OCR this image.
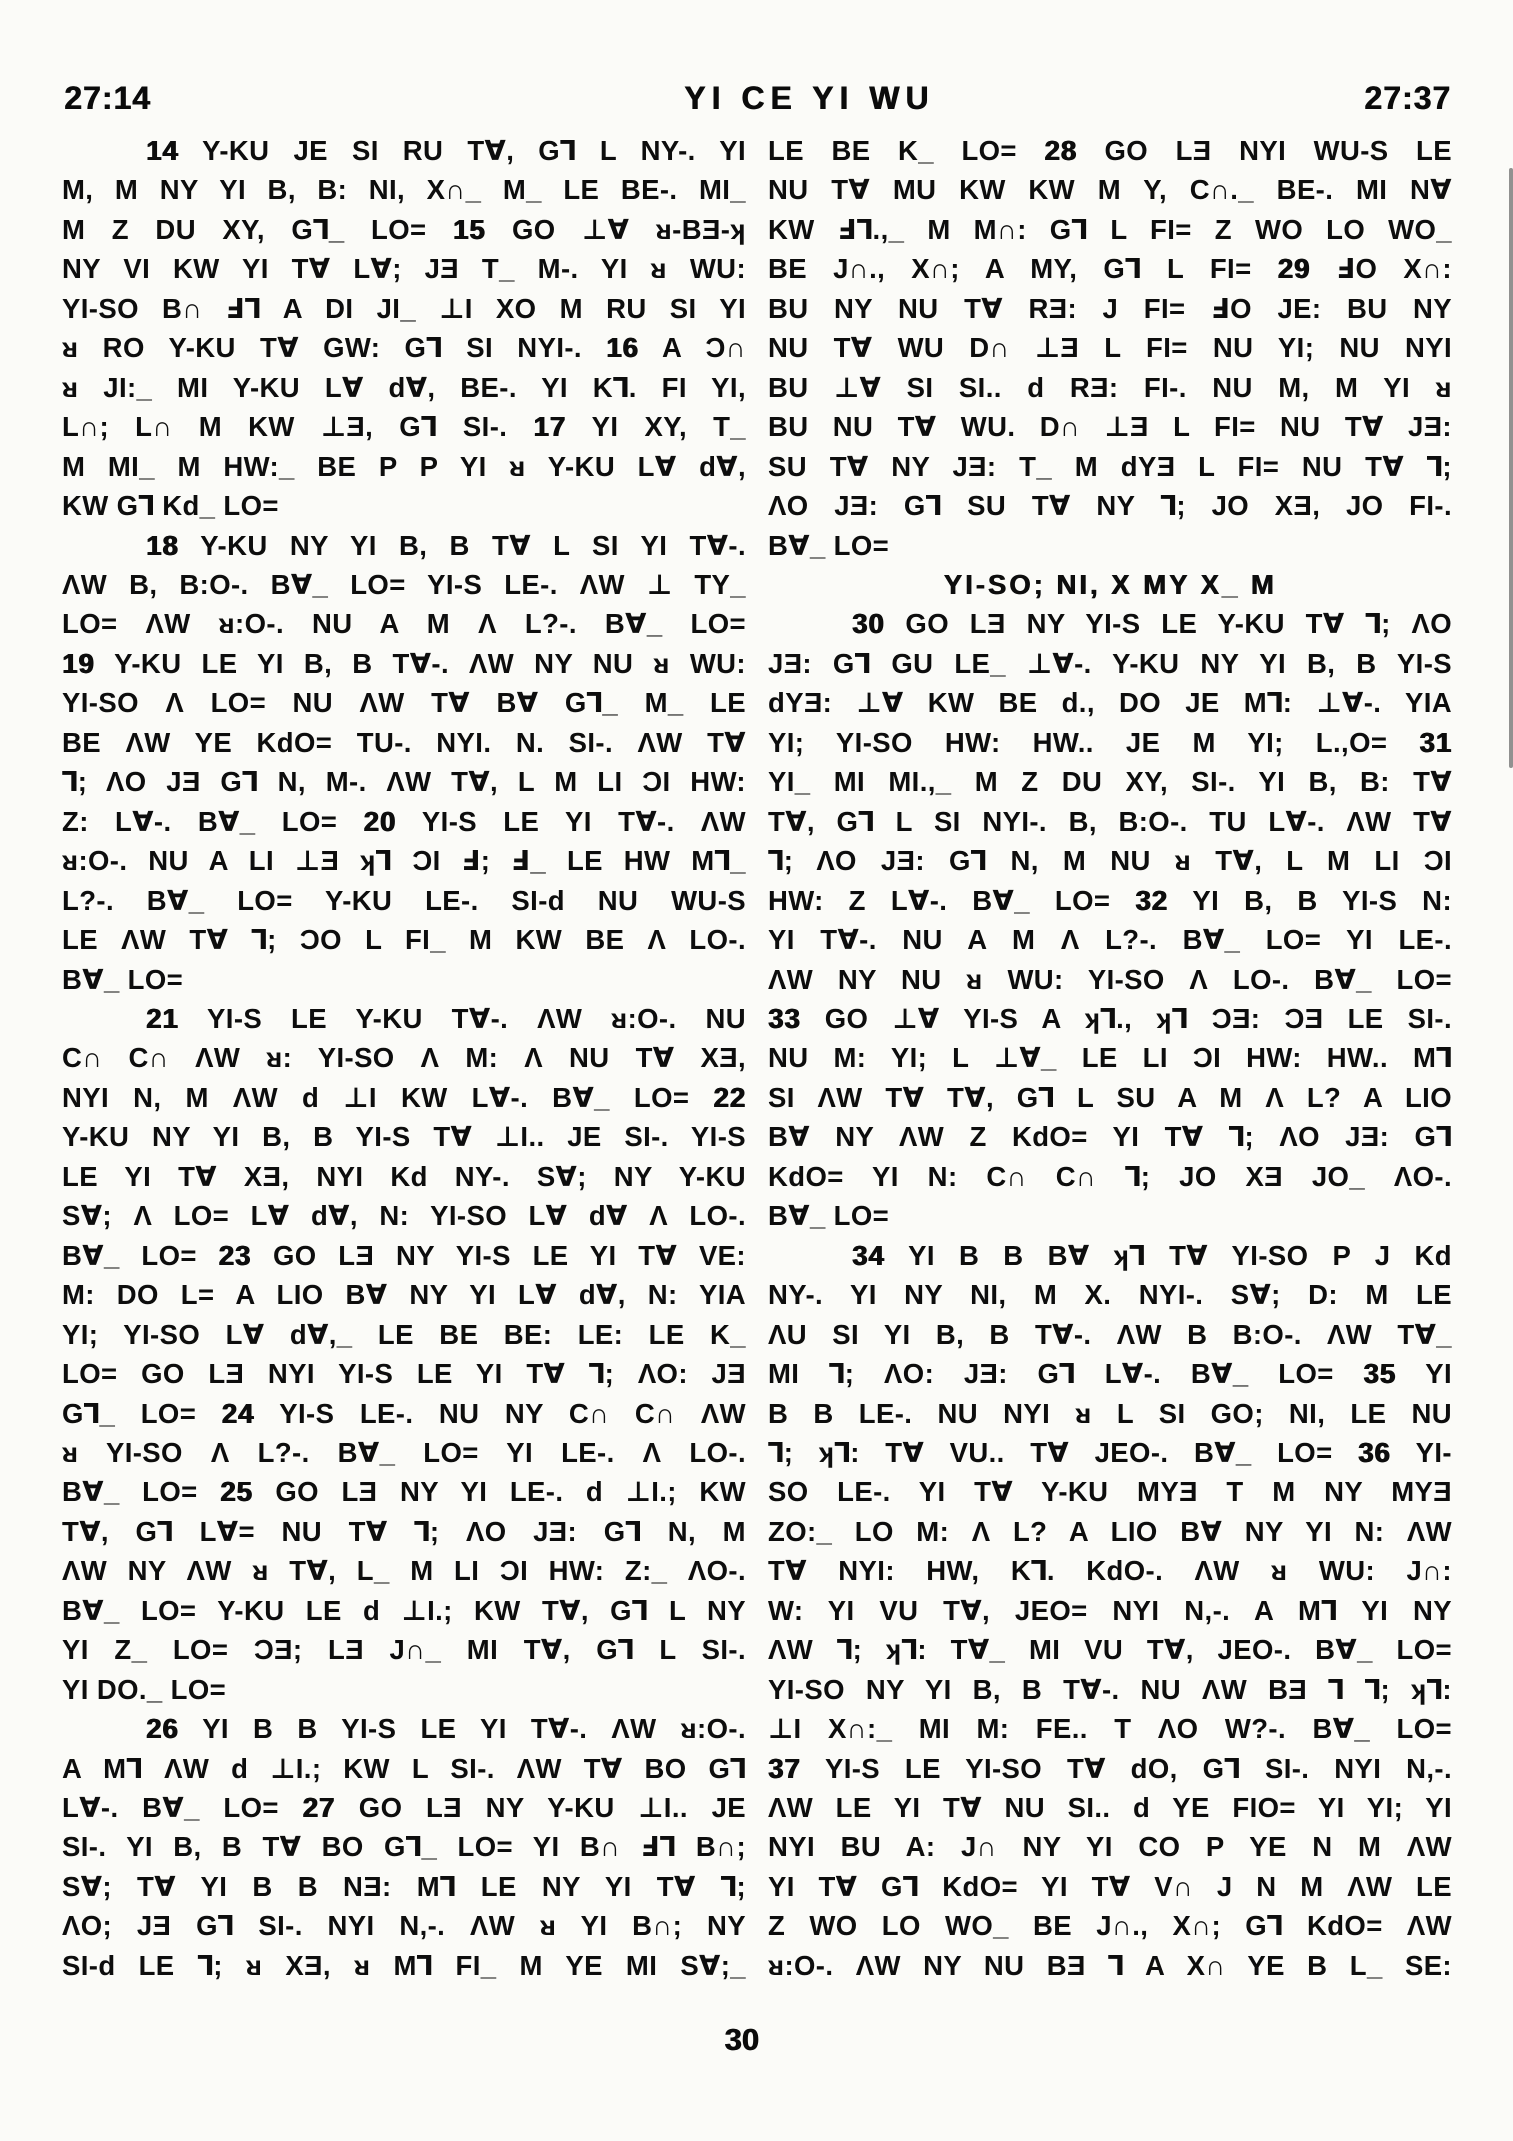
27:14	YI CE YI WU	27:37
14 Y-KU JE SI RU T∀, G⅂ L NY-. YI
M, M NY YI B, B: NI, X∩_ M_ LE BE-. MI_
M Z DU XY, G⅂_ LO= 15 GO ⊥∀ ᴚ-BƎ-ʞ
NY VI KW YI T∀ L∀; JƎ T_ M-. YI ᴚ WU:
YI-SO B∩ Ⅎ⅂ A DI JI_ ⊥I XO M RU SI YI
ᴚ RO Y-KU T∀ GW: G⅂ SI NYI-. 16 A Ɔ∩
ᴚ JI:_ MI Y-KU L∀ d∀, BE-. YI K⅂. FI YI,
L∩; L∩ M KW ⊥Ǝ, G⅂ SI-. 17 YI XY, T_
M MI_ M HW:_ BE P P YI ᴚ Y-KU L∀ d∀,
KW G⅂ Kd_ LO=
18 Y-KU NY YI B, B T∀ L SI YI T∀-.
ΛW B, B:O-. B∀_ LO= YI-S LE-. ΛW ⊥ TY_
LO= ΛW ᴚ:O-. NU A M Λ L?-. B∀_ LO=
19 Y-KU LE YI B, B T∀-. ΛW NY NU ᴚ WU:
YI-SO Λ LO= NU ΛW T∀ B∀ G⅂_ M_ LE
BE ΛW YE KdO= TU-. NYI. N. SI-. ΛW T∀
⅂; ΛO JƎ G⅂ N, M-. ΛW T∀, L M LI ƆI HW:
Z: L∀-. B∀_ LO= 20 YI-S LE YI T∀-. ΛW
ᴚ:O-. NU A LI ⊥Ǝ ʞ⅂ ƆI Ⅎ; Ⅎ_ LE HW M⅂_
L?-. B∀_ LO= Y-KU LE-. SI-d NU WU-S
LE ΛW T∀ ⅂; ƆO L FI_ M KW BE Λ LO-.
B∀_ LO=
21 YI-S LE Y-KU T∀-. ΛW ᴚ:O-. NU
C∩ C∩ ΛW ᴚ: YI-SO Λ M: Λ NU T∀ XƎ,
NYI N, M ΛW d ⊥I KW L∀-. B∀_ LO= 22
Y-KU NY YI B, B YI-S T∀ ⊥I.. JE SI-. YI-S
LE YI T∀ XƎ, NYI Kd NY-. S∀; NY Y-KU
S∀; Λ LO= L∀ d∀, N: YI-SO L∀ d∀ Λ LO-.
B∀_ LO= 23 GO LƎ NY YI-S LE YI T∀ VE:
M: DO L= A LIO B∀ NY YI L∀ d∀, N: YIA
YI; YI-SO L∀ d∀,_ LE BE BE: LE: LE K_
LO= GO LƎ NYI YI-S LE YI T∀ ⅂; ΛO: JƎ
G⅂_ LO= 24 YI-S LE-. NU NY C∩ C∩ ΛW
ᴚ YI-SO Λ L?-. B∀_ LO= YI LE-. Λ LO-.
B∀_ LO= 25 GO LƎ NY YI LE-. d ⊥I.; KW
T∀, G⅂ L∀= NU T∀ ⅂; ΛO JƎ: G⅂ N, M
ΛW NY ΛW ᴚ T∀, L_ M LI ƆI HW: Z:_ ΛO-.
B∀_ LO= Y-KU LE d ⊥I.; KW T∀, G⅂ L NY
YI Z_ LO= ƆƎ; LƎ J∩_ MI T∀, G⅂ L SI-.
YI DO._ LO=
26 YI B B YI-S LE YI T∀-. ΛW ᴚ:O-.
A M⅂ ΛW d ⊥I.; KW L SI-. ΛW T∀ BO G⅂
L∀-. B∀_ LO= 27 GO LƎ NY Y-KU ⊥I.. JE
SI-. YI B, B T∀ BO G⅂_ LO= YI B∩ Ⅎ⅂ B∩;
S∀; T∀ YI B B NƎ: M⅂ LE NY YI T∀ ⅂;
ΛO; JƎ G⅂ SI-. NYI N,-. ΛW ᴚ YI B∩; NY
SI-d LE ⅂; ᴚ XƎ, ᴚ M⅂ FI_ M YE MI S∀;_
LE BE K_ LO= 28 GO LƎ NYI WU-S LE
NU T∀ MU KW KW M Y, C∩._ BE-. MI N∀
KW Ⅎ⅂.,_ M M∩: G⅂ L FI= Z WO LO WO_
BE J∩., X∩; A MY, G⅂ L FI= 29 ℲO X∩:
BU NY NU T∀ RƎ: J FI= ℲO JE: BU NY
NU T∀ WU D∩ ⊥Ǝ L FI= NU YI; NU NYI
BU ⊥∀ SI SI.. d RƎ: FI-. NU M, M YI ᴚ
BU NU T∀ WU. D∩ ⊥Ǝ L FI= NU T∀ JƎ:
SU T∀ NY JƎ: T_ M dYƎ L FI= NU T∀ ⅂;
ΛO JƎ: G⅂ SU T∀ NY ⅂; JO XƎ, JO FI-.
B∀_ LO=
YI-SO; NI, X MY X_ M
30 GO LƎ NY YI-S LE Y-KU T∀ ⅂; ΛO
JƎ: G⅂ GU LE_ ⊥∀-. Y-KU NY YI B, B YI-S
dYƎ: ⊥∀ KW BE d., DO JE M⅂: ⊥∀-. YIA
YI; YI-SO HW: HW.. JE M YI; L.,O= 31
YI_ MI MI.,_ M Z DU XY, SI-. YI B, B: T∀
T∀, G⅂ L SI NYI-. B, B:O-. TU L∀-. ΛW T∀
⅂; ΛO JƎ: G⅂ N, M NU ᴚ T∀, L M LI ƆI
HW: Z L∀-. B∀_ LO= 32 YI B, B YI-S N:
YI T∀-. NU A M Λ L?-. B∀_ LO= YI LE-.
ΛW NY NU ᴚ WU: YI-SO Λ LO-. B∀_ LO=
33 GO ⊥∀ YI-S A ʞ⅂., ʞ⅂ ƆƎ: ƆƎ LE SI-.
NU M: YI; L ⊥∀_ LE LI ƆI HW: HW.. M⅂
SI ΛW T∀ T∀, G⅂ L SU A M Λ L? A LIO
B∀ NY ΛW Z KdO= YI T∀ ⅂; ΛO JƎ: G⅂
KdO= YI N: C∩ C∩ ⅂; JO XƎ JO_ ΛO-.
B∀_ LO=
34 YI B B B∀ ʞ⅂ T∀ YI-SO P J Kd
NY-. YI NY NI, M X. NYI-. S∀; D: M LE
ΛU SI YI B, B T∀-. ΛW B B:O-. ΛW T∀_
MI ⅂; ΛO: JƎ: G⅂ L∀-. B∀_ LO= 35 YI
B B LE-. NU NYI ᴚ L SI GO; NI, LE NU
⅂; ʞ⅂: T∀ VU.. T∀ JEO-. B∀_ LO= 36 YI-
SO LE-. YI T∀ Y-KU MYƎ T M NY MYƎ
ZO:_ LO M: Λ L? A LIO B∀ NY YI N: ΛW
T∀ NYI: HW, K⅂. KdO-. ΛW ᴚ WU: J∩:
W: YI VU T∀, JEO= NYI N,-. A M⅂ YI NY
ΛW ⅂; ʞ⅂: T∀_ MI VU T∀, JEO-. B∀_ LO=
YI-SO NY YI B, B T∀-. NU ΛW BƎ ⅂ ⅂; ʞ⅂:
⊥I X∩:_ MI M: FE.. T ΛO W?-. B∀_ LO=
37 YI-S LE YI-SO T∀ dO, G⅂ SI-. NYI N,-.
ΛW LE YI T∀ NU SI.. d YE FIO= YI YI; YI
NYI BU A: J∩ NY YI CO P YE N M ΛW
YI T∀ G⅂ KdO= YI T∀ V∩ J N M ΛW LE
Z WO LO WO_ BE J∩., X∩; G⅂ KdO= ΛW
ᴚ:O-. ΛW NY NU BƎ ⅂ A X∩ YE B L_ SE:
30
